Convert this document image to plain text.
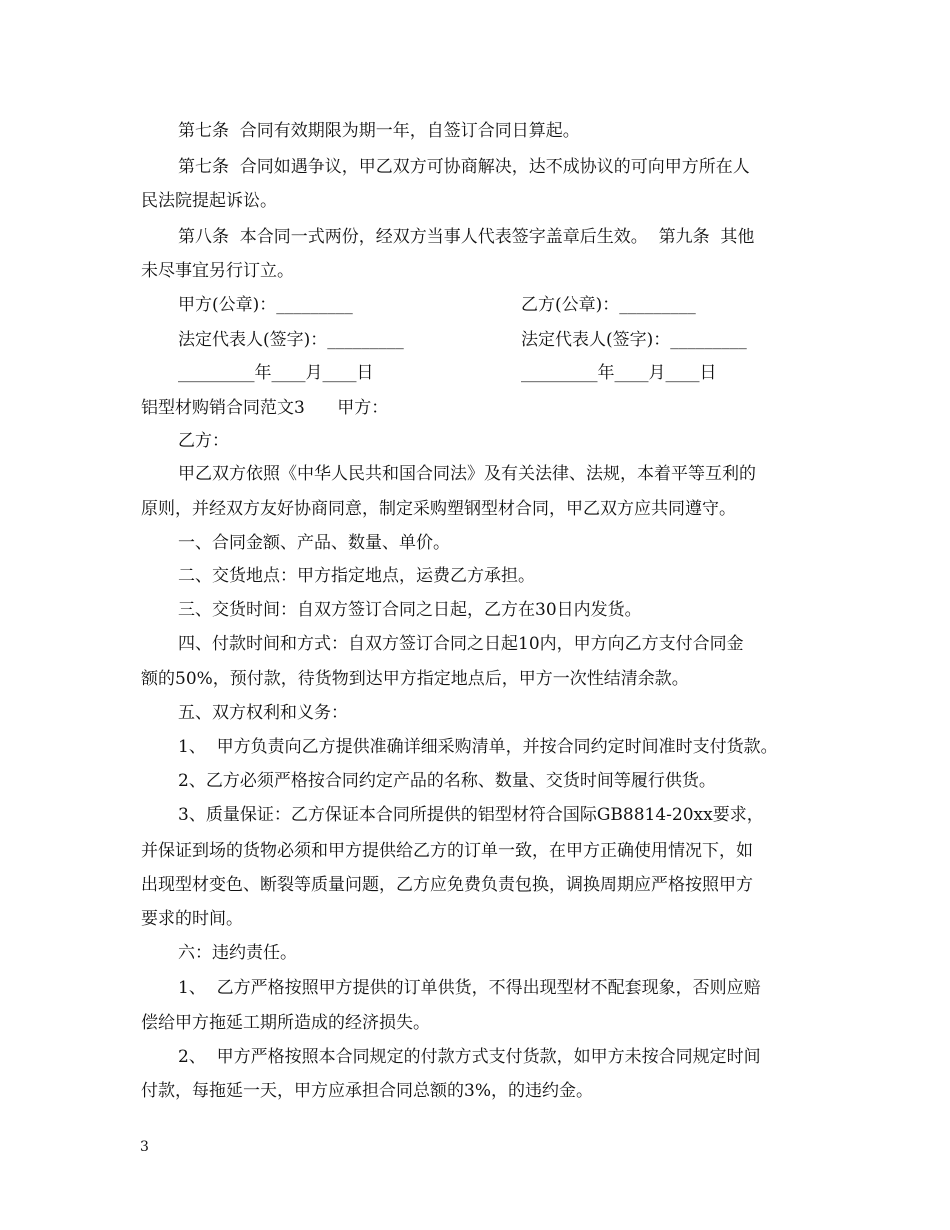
第七条  合同有效期限为期一年，自签订合同日算起。
第七条  合同如遇争议，甲乙双方可协商解决，达不成协议的可向甲方所在人
民法院提起诉讼。
第八条  本合同一式两份，经双方当事人代表签字盖章后生效。  第九条  其他
未尽事宜另行订立。
甲方(公章)：_________	乙方(公章)：_________
法定代表人(签字)：_________	法定代表人(签字)：_________
_________年____月____日	_________年____月____日
铝型材购销合同范文3      甲方：
乙方：
甲乙双方依照《中华人民共和国合同法》及有关法律、法规，本着平等互利的
原则，并经双方友好协商同意，制定采购塑钢型材合同，甲乙双方应共同遵守。
一、合同金额、产品、数量、单价。
二、交货地点：甲方指定地点，运费乙方承担。
三、交货时间：自双方签订合同之日起，乙方在30日内发货。
四、付款时间和方式：自双方签订合同之日起10内，甲方向乙方支付合同金
额的50%，预付款，待货物到达甲方指定地点后，甲方一次性结清余款。
五、双方权利和义务：
1、  甲方负责向乙方提供准确详细采购清单，并按合同约定时间准时支付货款。
2、乙方必须严格按合同约定产品的名称、数量、交货时间等履行供货。
3、质量保证：乙方保证本合同所提供的铝型材符合国际GB8814-20xx要求，
并保证到场的货物必须和甲方提供给乙方的订单一致，在甲方正确使用情况下，如
出现型材变色、断裂等质量问题，乙方应免费负责包换，调换周期应严格按照甲方
要求的时间。
六：违约责任。
1、  乙方严格按照甲方提供的订单供货，不得出现型材不配套现象，否则应赔
偿给甲方拖延工期所造成的经济损失。
2、  甲方严格按照本合同规定的付款方式支付货款，如甲方未按合同规定时间
付款，每拖延一天，甲方应承担合同总额的3%，的违约金。
3
